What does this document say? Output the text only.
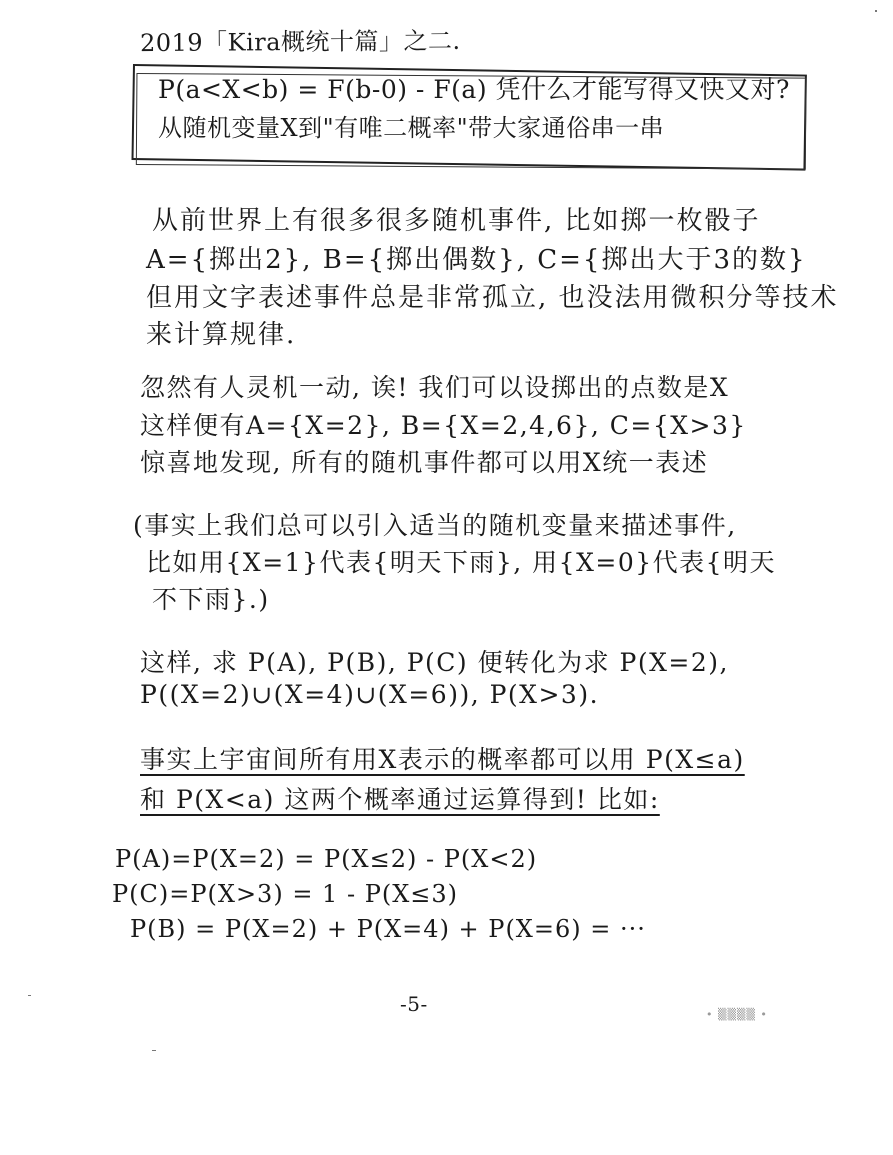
2019「Kira概统十篇」之二.
P(a<X<b) = F(b-0) - F(a) 凭什么才能写得又快又对?
从随机变量X到"有唯二概率"带大家通俗串一串
从前世界上有很多很多随机事件, 比如掷一枚骰子
A={掷出2}, B={掷出偶数}, C={掷出大于3的数}
但用文字表述事件总是非常孤立, 也没法用微积分等技术
来计算规律.
忽然有人灵机一动, 诶! 我们可以设掷出的点数是X
这样便有A={X=2}, B={X=2,4,6}, C={X>3}
惊喜地发现, 所有的随机事件都可以用X统一表述
(事实上我们总可以引入适当的随机变量来描述事件,
比如用{X=1}代表{明天下雨}, 用{X=0}代表{明天
不下雨}.)
这样, 求 P(A), P(B), P(C) 便转化为求 P(X=2),
P((X=2)∪(X=4)∪(X=6)), P(X>3).
事实上宇宙间所有用X表示的概率都可以用 P(X≤a)
和 P(X<a) 这两个概率通过运算得到! 比如:
P(A)=P(X=2) = P(X≤2) - P(X<2)
P(C)=P(X>3) = 1 - P(X≤3)
P(B) = P(X=2) + P(X=4) + P(X=6) = ···
-5-	• ▒▒▒▒ •
